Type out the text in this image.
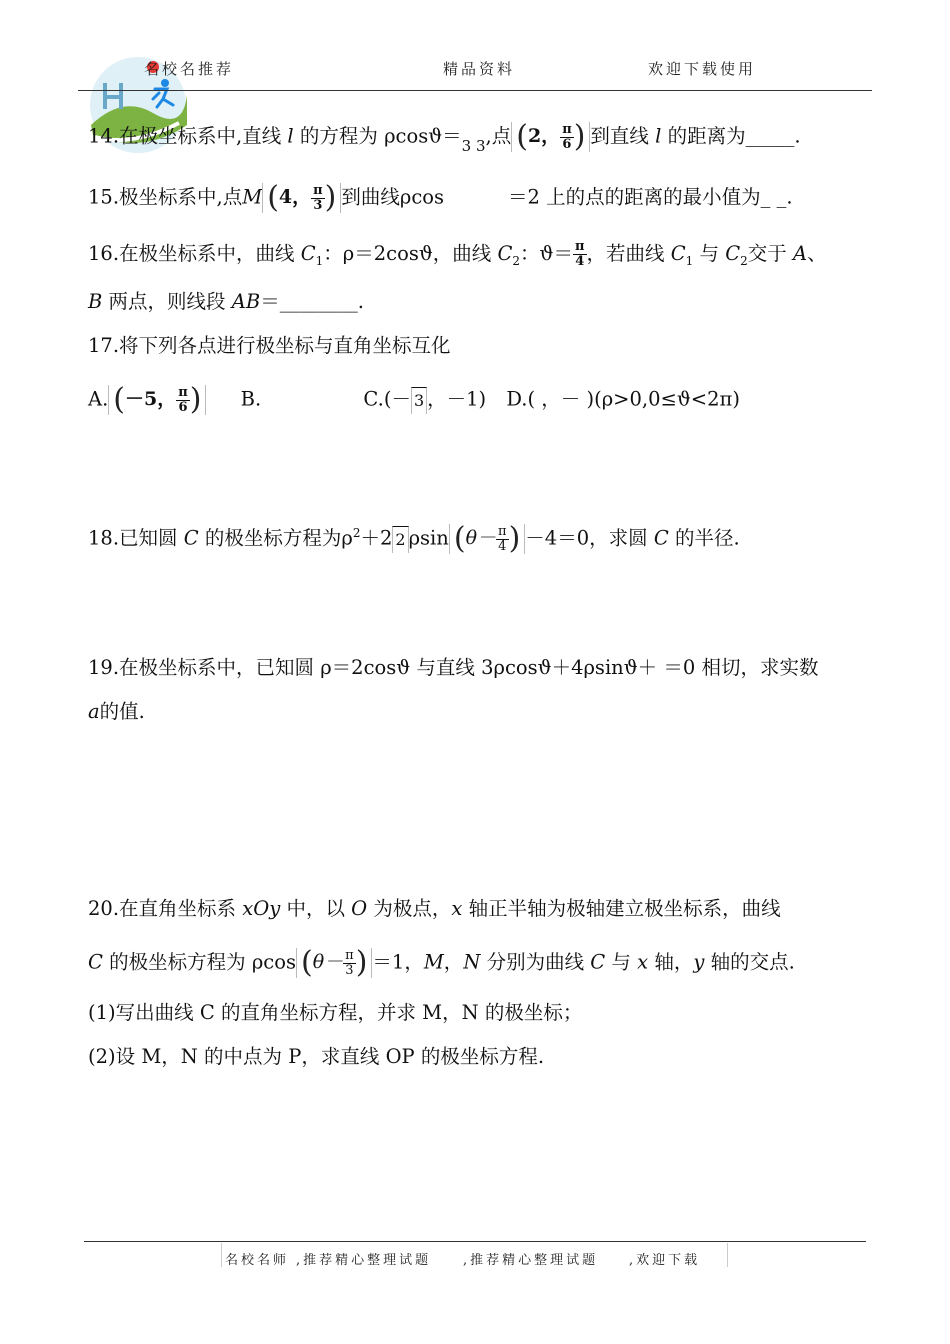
名校名推荐	精品资料	欢迎下载使用
14.在极坐标系中,直线 l 的方程为 $\rho\cos ϑ=_{3 3}$,点 (2， $\frac{\pi}{6}$ ) 到直线 l 的距离为_____.
15.极坐标系中,点M (4， $\frac{\pi}{3}$ ) 到曲线ρcos	＝2 上的点的距离的最小值为_ _.
16.在极坐标系中，曲线 $C_1$：ρ＝2cosϑ，曲线 $C_2$：$ϑ= \frac{\pi}{4}$ ，若曲线 $C_1$ 与 $C_2$交于 A、
B 两点，则线段 AB＝________.
17.将下列各点进行极坐标与直角坐标互化
A. (－5， $\frac{\pi}{6}$ ) B.	C.(－ 3 ，－1) D.( ，－ )(ρ>0,0≤ϑ<2π)
18.已知圆 C 的极坐标方程为$\rho^2+2$ 2 ρsin ($\theta- \frac{\pi}{4}$ ) －4＝0，求圆 C 的半径.
19.在极坐标系中，已知圆 ρ＝2cosϑ 与直线 3ρcosϑ＋4ρsinϑ＋ ＝0 相切，求实数
a的值.
20.在直角坐标系 xOy 中，以 O 为极点，x 轴正半轴为极轴建立极坐标系，曲线
C 的极坐标方程为 ρcos ($\theta- \frac{\pi}{3}$ ) ＝1，M，N 分别为曲线 C 与 x 轴，y 轴的交点.
(1)写出曲线 C 的直角坐标方程，并求 M，N 的极坐标；
(2)设 M，N 的中点为 P，求直线 OP 的极坐标方程.
名校名师 ,推荐精心整理试题 ,推荐精心整理试题 ,欢迎下载
